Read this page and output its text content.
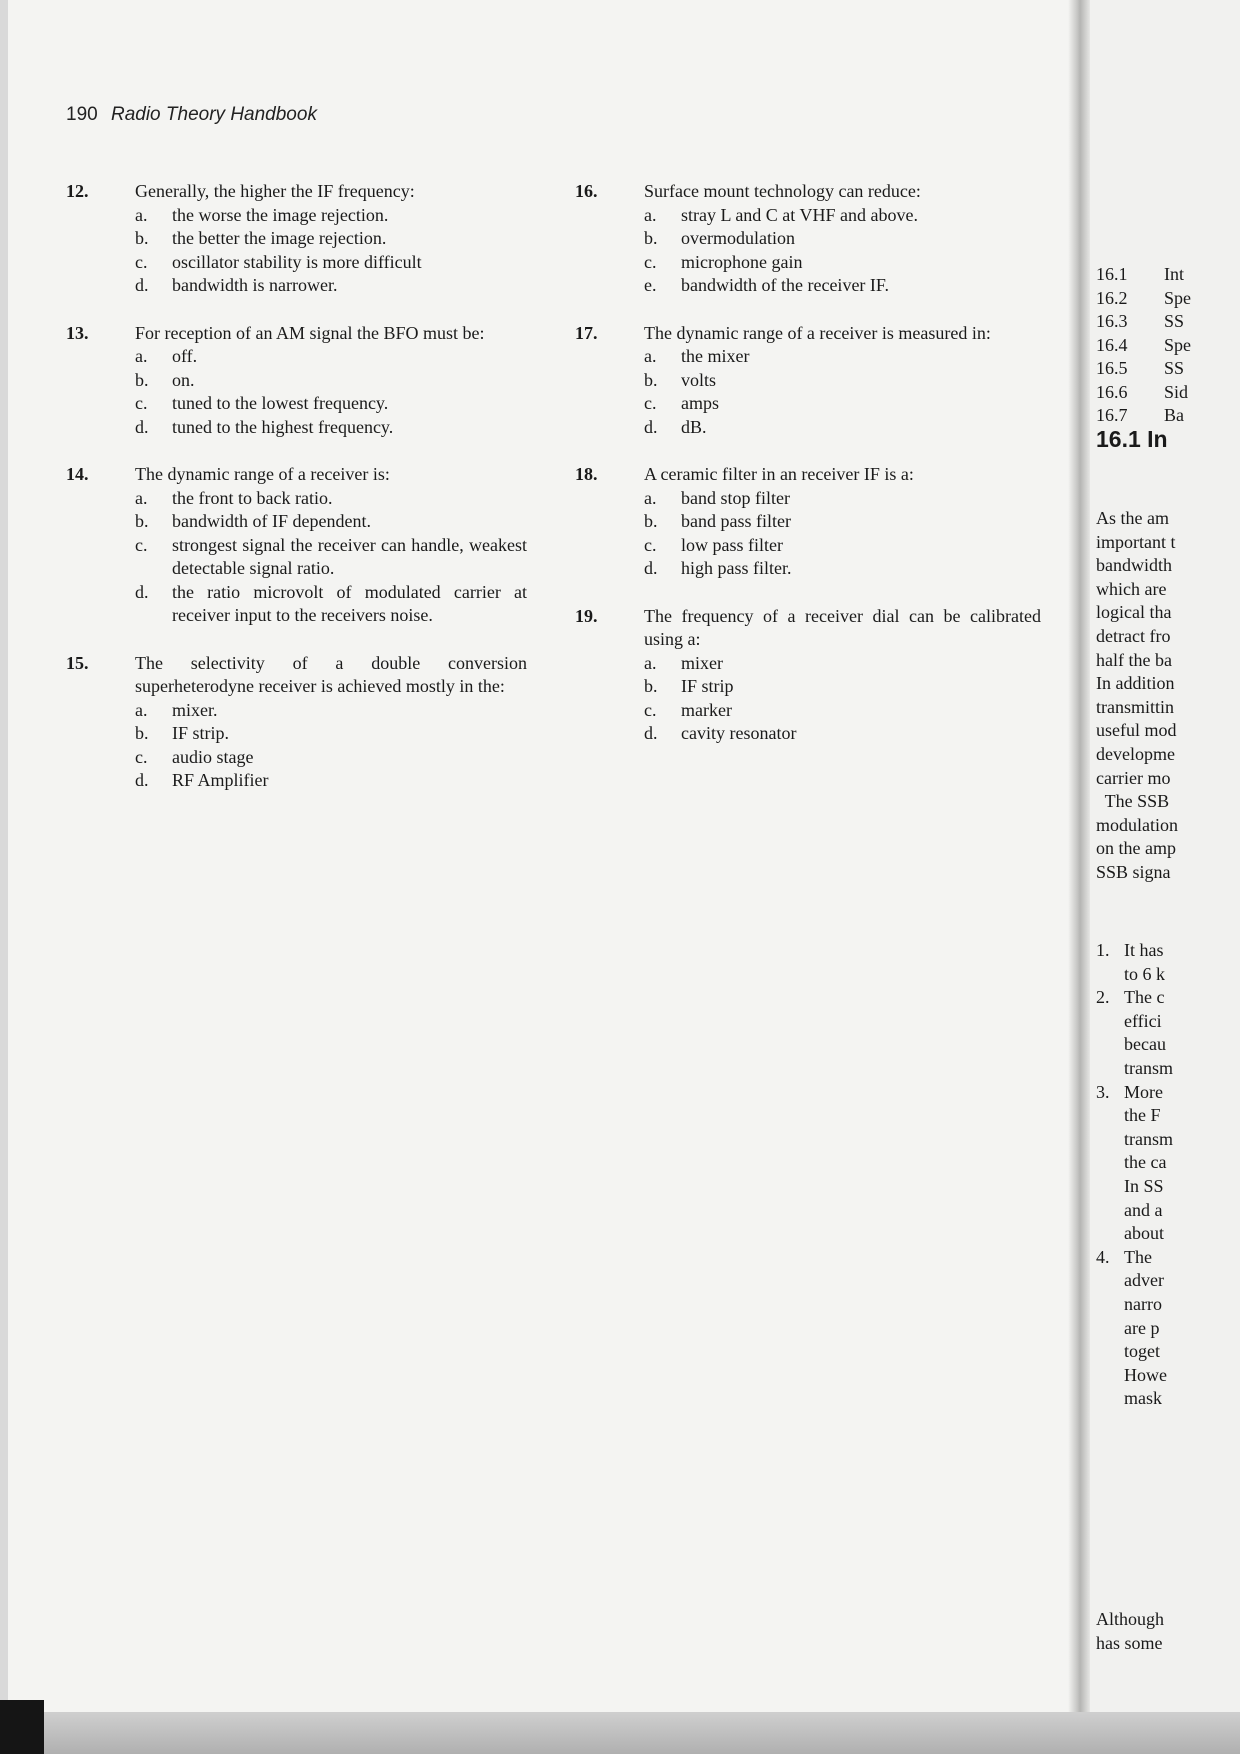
190 Radio Theory Handbook
12.	Generally, the higher the IF frequency:
a.	the worse the image rejection.
b.	the better the image rejection.
c.	oscillator stability is more difficult
d.	bandwidth is narrower.
13.	For reception of an AM signal the BFO must be:
a.	off.
b.	on.
c.	tuned to the lowest frequency.
d.	tuned to the highest frequency.
14.	The dynamic range of a receiver is:
a.	the front to back ratio.
b.	bandwidth of IF dependent.
c.	strongest signal the receiver can handle, weakest detectable signal ratio.
d.	the ratio microvolt of modulated carrier at receiver input to the receivers noise.
15.	The selectivity of a double conversion superheterodyne receiver is achieved mostly in the:
a.	mixer.
b.	IF strip.
c.	audio stage
d.	RF Amplifier
16.	Surface mount technology can reduce:
a.	stray L and C at VHF and above.
b.	overmodulation
c.	microphone gain
e.	bandwidth of the receiver IF.
17.	The dynamic range of a receiver is measured in:
a.	the mixer
b.	volts
c.	amps
d.	dB.
18.	A ceramic filter in an receiver IF is a:
a.	band stop filter
b.	band pass filter
c.	low pass filter
d.	high pass filter.
19.	The frequency of a receiver dial can be calibrated using a:
a.	mixer
b.	IF strip
c.	marker
d.	cavity resonator
16.1	Int
16.2	Spe
16.3	SS
16.4	Spe
16.5	SS
16.6	Sid
16.7	Ba
16.1 In
As the am
important t
bandwidth
which are
logical tha
detract fro
half the ba
In addition
transmittin
useful mod
developme
carrier mo
The SSB
modulation
on the amp
SSB signa
1. It has
to 6 k
2. The c
effici
becau
transm
3. More
the F
transm
the ca
In SS
and a
about
4. The
adver
narro
are p
toget
Howe
mask
Although
has some
